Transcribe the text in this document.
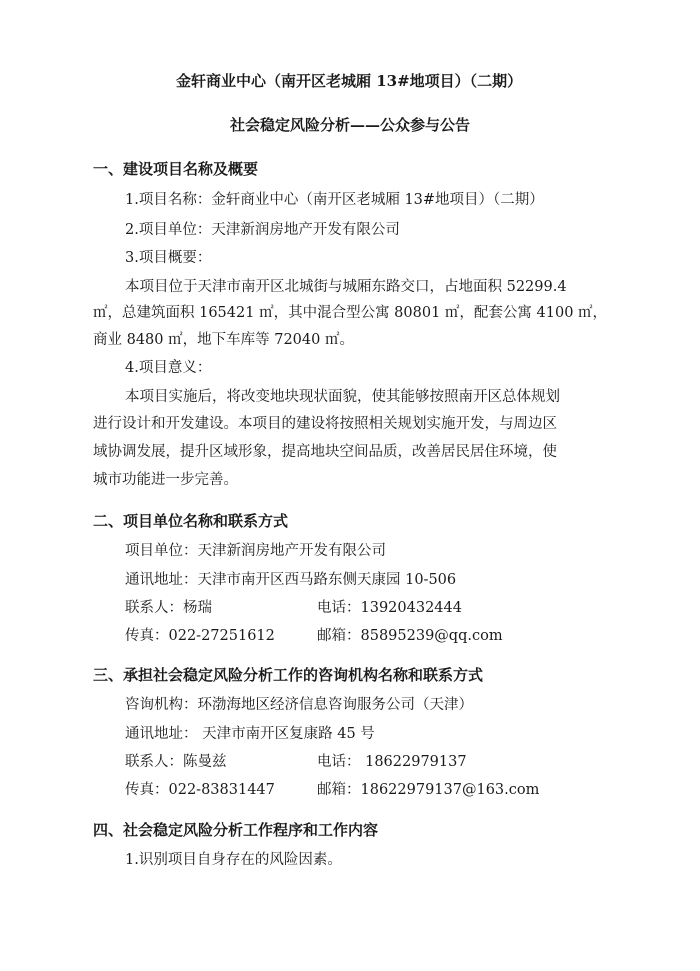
金轩商业中心（南开区老城厢 13#地项目）（二期）
社会稳定风险分析——公众参与公告
一、建设项目名称及概要
1.项目名称：金轩商业中心（南开区老城厢 13#地项目）（二期）
2.项目单位：天津新润房地产开发有限公司
3.项目概要：
本项目位于天津市南开区北城街与城厢东路交口，占地面积 52299.4
㎡，总建筑面积 165421 ㎡，其中混合型公寓 80801 ㎡，配套公寓 4100 ㎡，
商业 8480 ㎡，地下车库等 72040 ㎡。
4.项目意义：
本项目实施后，将改变地块现状面貌，使其能够按照南开区总体规划
进行设计和开发建设。本项目的建设将按照相关规划实施开发，与周边区
域协调发展，提升区域形象，提高地块空间品质，改善居民居住环境，使
城市功能进一步完善。
二、项目单位名称和联系方式
项目单位：天津新润房地产开发有限公司
通讯地址：天津市南开区西马路东侧天康园 10-506
联系人：杨瑞	电话：13920432444
传真：022-27251612	邮箱：85895239@qq.com
三、承担社会稳定风险分析工作的咨询机构名称和联系方式
咨询机构：环渤海地区经济信息咨询服务公司（天津）
通讯地址： 天津市南开区复康路 45 号
联系人：陈曼兹	电话： 18622979137
传真：022-83831447	邮箱：18622979137@163.com
四、社会稳定风险分析工作程序和工作内容
1.识别项目自身存在的风险因素。
